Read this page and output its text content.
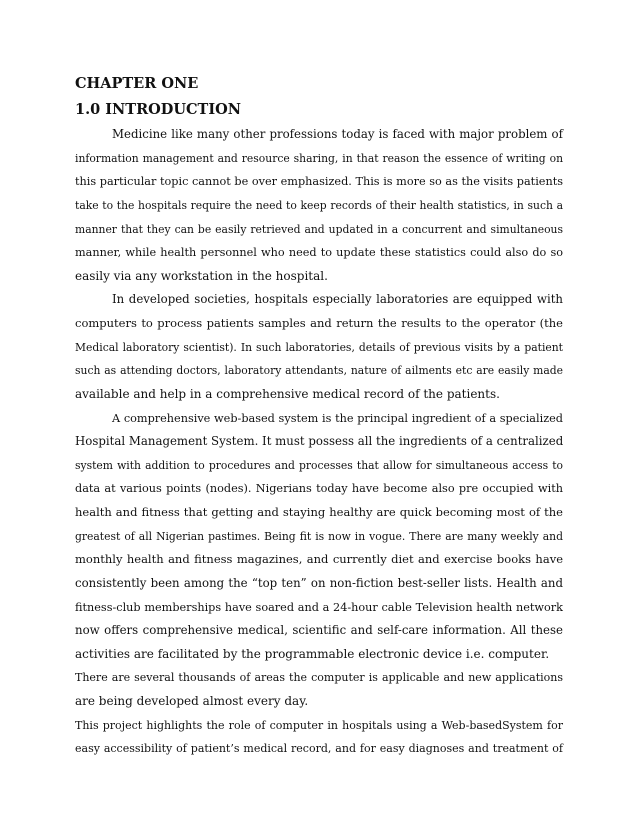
CHAPTER ONE
1.0 INTRODUCTION
Medicine like many other professions today is faced with major problem of
information management and resource sharing, in that reason the essence of writing on
this particular topic cannot be over emphasized. This is more so as the visits patients
take to the hospitals require the need to keep records of their health statistics, in such a
manner that they can be easily retrieved and updated in a concurrent and simultaneous
manner, while health personnel who need to update these statistics could also do so
easily via any workstation in the hospital.
In developed societies, hospitals especially laboratories are equipped with
computers to process patients samples and return the results to the operator (the
Medical laboratory scientist). In such laboratories, details of previous visits by a patient
such as attending doctors, laboratory attendants, nature of ailments etc are easily made
available and help in a comprehensive medical record of the patients.
A comprehensive web-based system is the principal ingredient of a specialized
Hospital Management System. It must possess all the ingredients of a centralized
system with addition to procedures and processes that allow for simultaneous access to
data at various points (nodes). Nigerians today have become also pre occupied with
health and fitness that getting and staying healthy are quick becoming most of the
greatest of all Nigerian pastimes. Being fit is now in vogue. There are many weekly and
monthly health and fitness magazines, and currently diet and exercise books have
consistently been among the “top ten” on non-fiction best-seller lists. Health and
fitness-club memberships have soared and a 24-hour cable Television health network
now offers comprehensive medical, scientific and self-care information. All these
activities are facilitated by the programmable electronic device i.e. computer.
There are several thousands of areas the computer is applicable and new applications
are being developed almost every day.
This project highlights the role of computer in hospitals using a Web-basedSystem for
easy accessibility of patient’s medical record, and for easy diagnoses and treatment of
